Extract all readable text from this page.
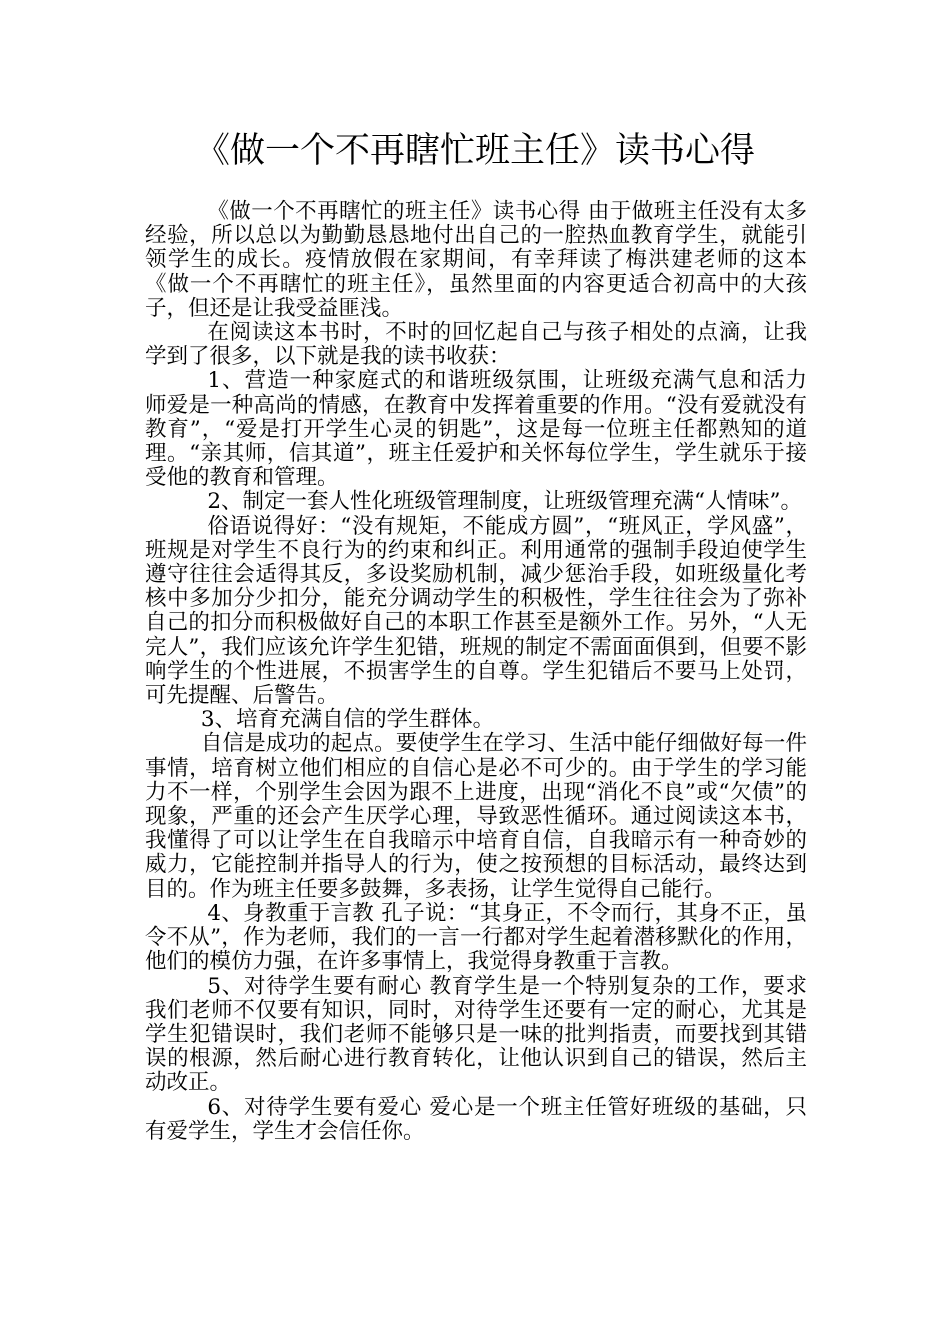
《做一个不再瞎忙班主任》读书心得

《做一个不再瞎忙的班主任》读书心得 由于做班主任没有太多经验，所以总以为勤勤恳恳地付出自己的一腔热血教育学生，就能引领学生的成长。疫情放假在家期间，有幸拜读了梅洪建老师的这本《做一个不再瞎忙的班主任》，虽然里面的内容更适合初高中的大孩子，但还是让我受益匪浅。

在阅读这本书时，不时的回忆起自己与孩子相处的点滴，让我学到了很多，以下就是我的读书收获：

1、营造一种家庭式的和谐班级氛围，让班级充满气息和活力 师爱是一种高尚的情感，在教育中发挥着重要的作用。“没有爱就没有教育”，“爱是打开学生心灵的钥匙”，这是每一位班主任都熟知的道理。“亲其师，信其道”，班主任爱护和关怀每位学生，学生就乐于接受他的教育和管理。

2、制定一套人性化班级管理制度，让班级管理充满“人情味”。

俗语说得好：“没有规矩，不能成方圆”，“班风正，学风盛”，班规是对学生不良行为的约束和纠正。利用通常的强制手段迫使学生遵守往往会适得其反，多设奖励机制，减少惩治手段，如班级量化考核中多加分少扣分，能充分调动学生的积极性，学生往往会为了弥补自己的扣分而积极做好自己的本职工作甚至是额外工作。另外，“人无完人”，我们应该允许学生犯错，班规的制定不需面面俱到，但要不影响学生的个性进展，不损害学生的自尊。学生犯错后不要马上处罚，可先提醒、后警告。

3、培育充满自信的学生群体。

自信是成功的起点。要使学生在学习、生活中能仔细做好每一件事情，培育树立他们相应的自信心是必不可少的。由于学生的学习能力不一样，个别学生会因为跟不上进度，出现“消化不良”或“欠债”的现象，严重的还会产生厌学心理，导致恶性循环。通过阅读这本书，我懂得了可以让学生在自我暗示中培育自信，自我暗示有一种奇妙的威力，它能控制并指导人的行为，使之按预想的目标活动，最终达到目的。作为班主任要多鼓舞，多表扬，让学生觉得自己能行。

4、身教重于言教 孔子说：“其身正，不令而行，其身不正，虽令不从”，作为老师，我们的一言一行都对学生起着潜移默化的作用，他们的模仿力强，在许多事情上，我觉得身教重于言教。

5、对待学生要有耐心 教育学生是一个特别复杂的工作，要求我们老师不仅要有知识，同时，对待学生还要有一定的耐心，尤其是学生犯错误时，我们老师不能够只是一味的批判指责，而要找到其错误的根源，然后耐心进行教育转化，让他认识到自己的错误，然后主动改正。

6、对待学生要有爱心 爱心是一个班主任管好班级的基础，只有爱学生，学生才会信任你。
